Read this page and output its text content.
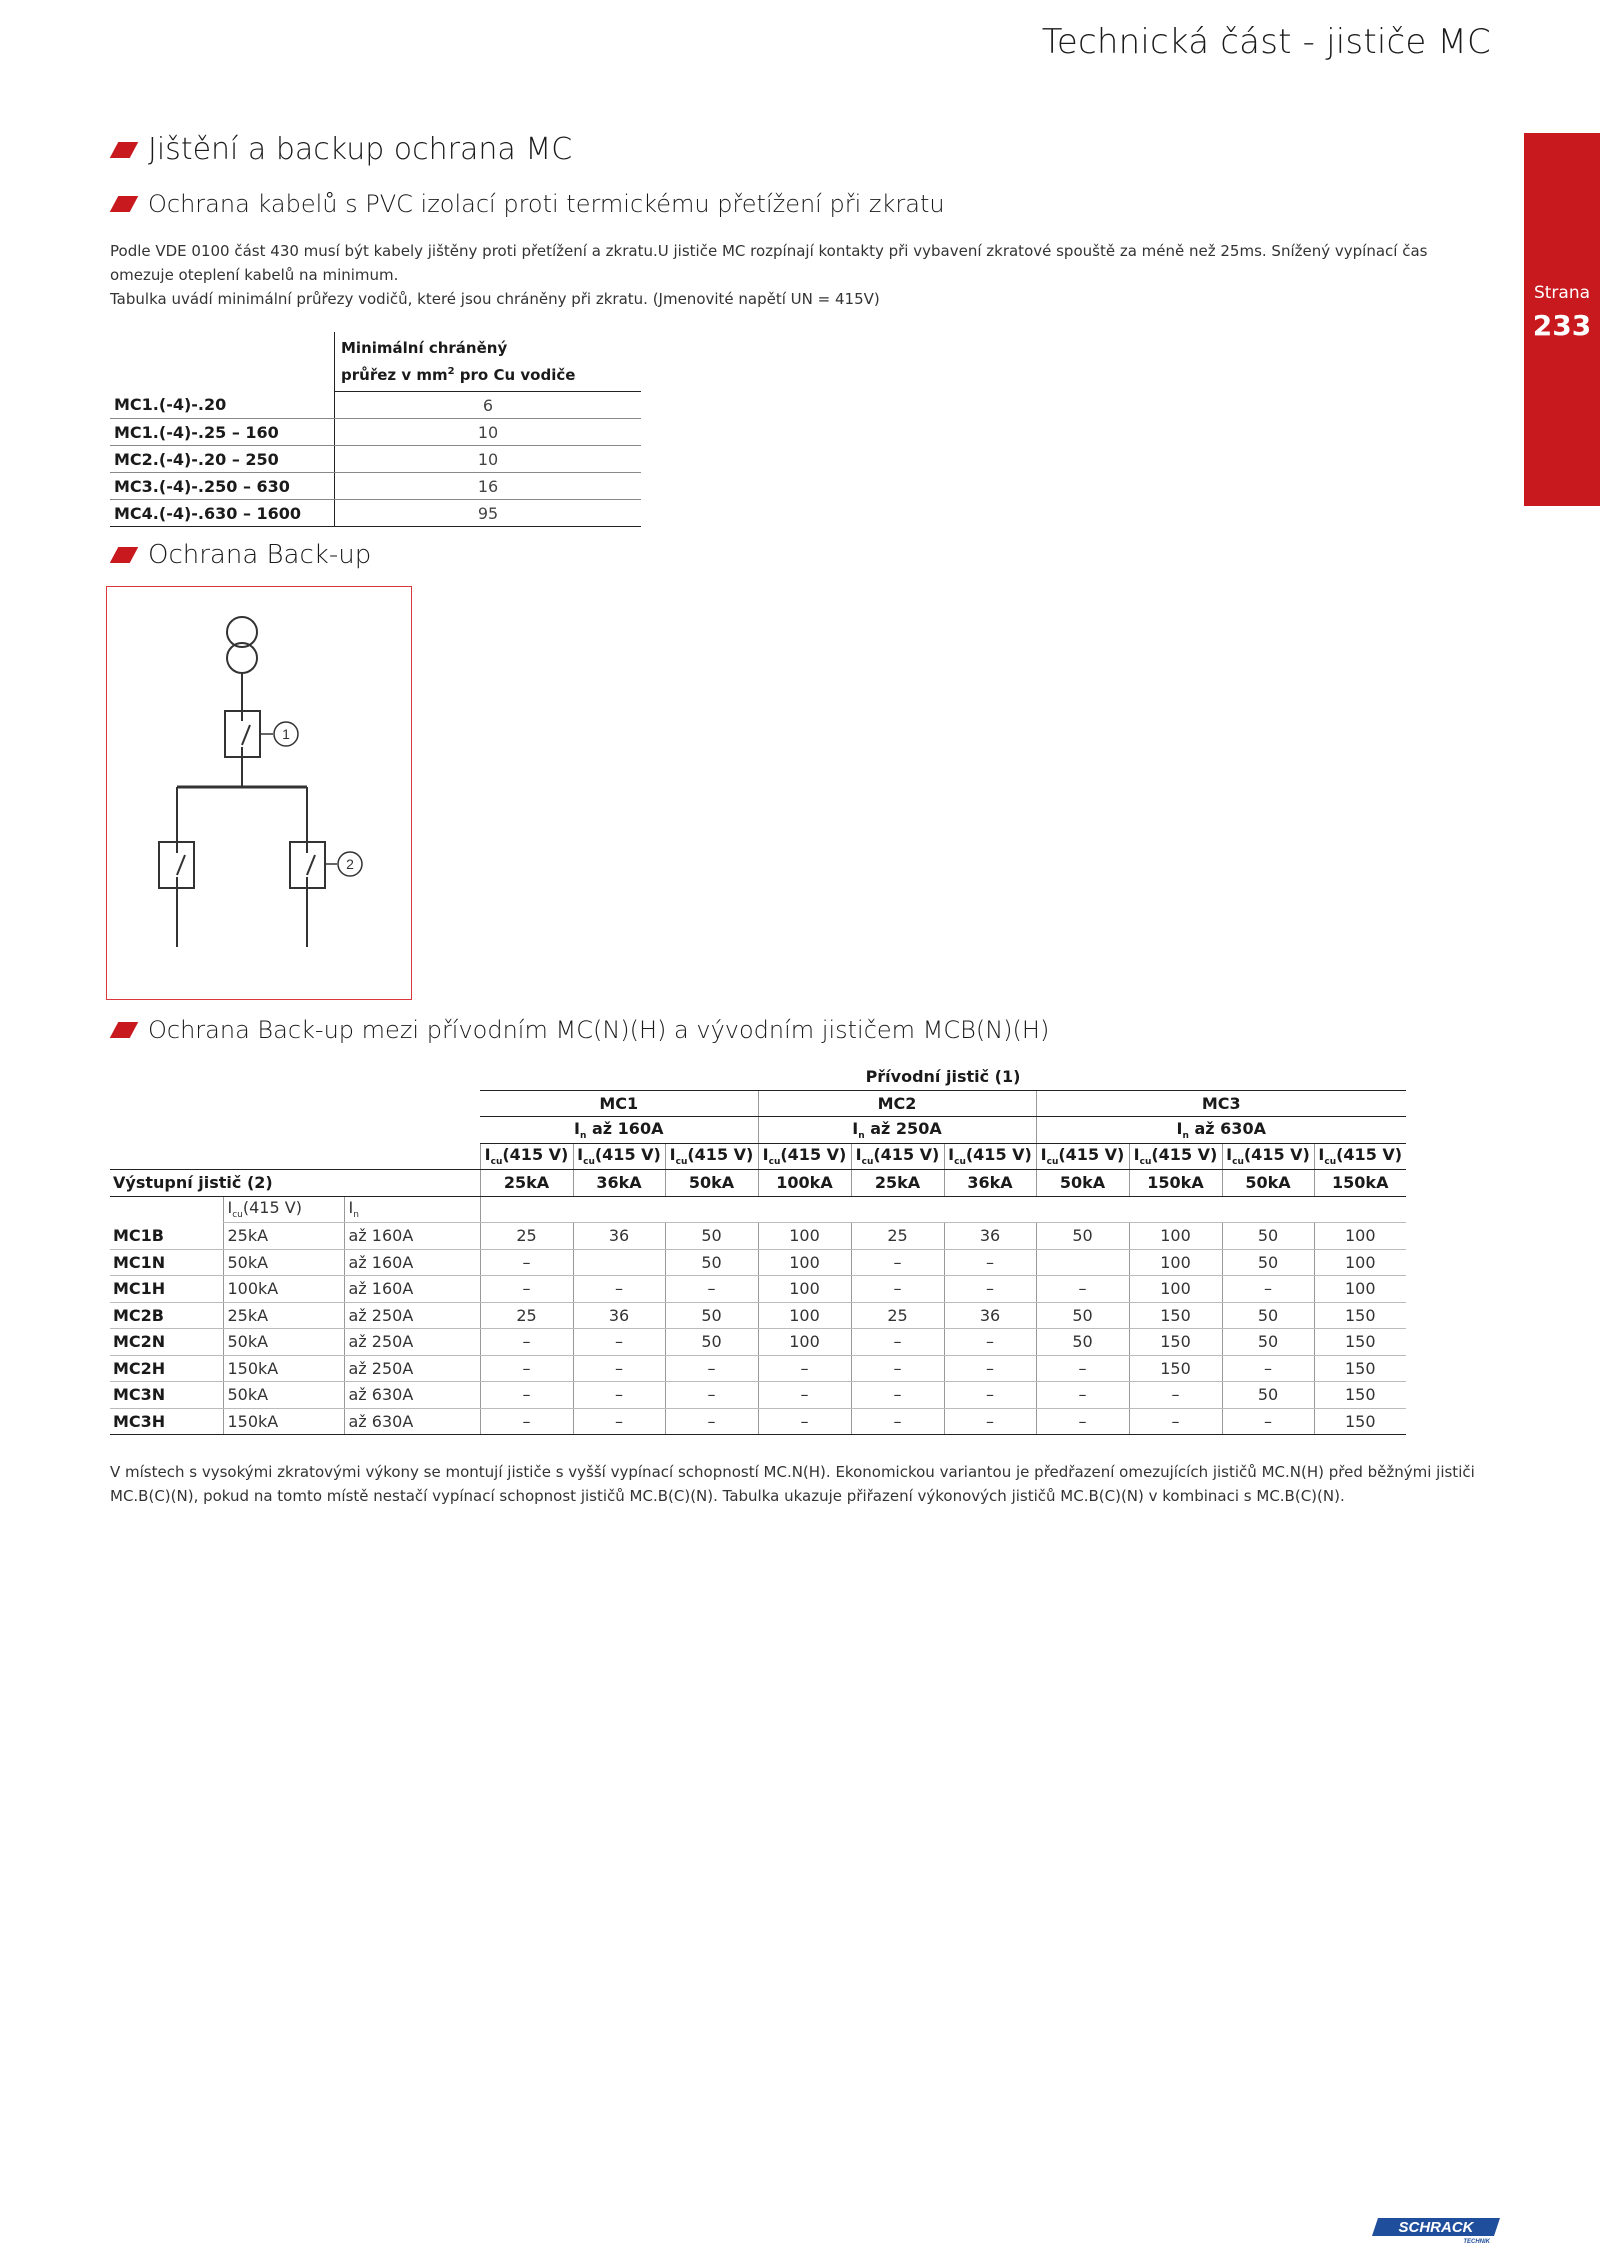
Technická část - jističe MC
Strana
233
Jištění a backup ochrana MC
Ochrana kabelů s PVC izolací proti termickému přetížení při zkratu
Podle VDE 0100 část 430 musí být kabely jištěny proti přetížení a zkratu.U jističe MC rozpínají kontakty při vybavení zkratové spouště za méně než 25ms. Snížený vypínací čas omezuje oteplení kabelů na minimum.
Tabulka uvádí minimální průřezy vodičů, které jsou chráněny při zkratu. (Jmenovité napětí UN = 415V)
	Minimální chráněný
průřez v $mm^2$ pro Cu vodiče
MC1.(-4)-.20	6
MC1.(-4)-.25 – 160	10
MC2.(-4)-.20 – 250	10
MC3.(-4)-.250 – 630	16
MC4.(-4)-.630 – 1600	95
Ochrana Back-up
1
2
Ochrana Back-up mezi přívodním MC(N)(H) a vývodním jističem MCB(N)(H)
			Přívodní jistič (1)									
			MC1			MC2			MC3			
			$I_n$ až 160A			$I_n$ až 250A			$I_n$ až 630A			
			$I_{cu}(415$ V)	$I_{cu}(415$ V)	$I_{cu}(415$ V)	$I_{cu}(415$ V)	$I_{cu}(415$ V)	$I_{cu}(415$ V)	$I_{cu}(415$ V)	$I_{cu}(415$ V)	$I_{cu}(415$ V)	$I_{cu}(415$ V)
Výstupní jistič (2)			25kA	36kA	50kA	100kA	25kA	36kA	50kA	150kA	50kA	150kA
	$I_{cu}(415$ V)	$I_n$	
MC1B	25kA	až 160A	25	36	50	100	25	36	50	100	50	100
MC1N	50kA	až 160A	–		50	100	–	–		100	50	100
MC1H	100kA	až 160A	–	–	–	100	–	–	–	100	–	100
MC2B	25kA	až 250A	25	36	50	100	25	36	50	150	50	150
MC2N	50kA	až 250A	–	–	50	100	–	–	50	150	50	150
MC2H	150kA	až 250A	–	–	–	–	–	–	–	150	–	150
MC3N	50kA	až 630A	–	–	–	–	–	–	–	–	50	150
MC3H	150kA	až 630A	–	–	–	–	–	–	–	–	–	150
V místech s vysokými zkratovými výkony se montují jističe s vyšší vypínací schopností MC.N(H). Ekonomickou variantou je předřazení omezujících jističů MC.N(H) před běžnými jističi MC.B(C)(N), pokud na tomto místě nestačí vypínací schopnost jističů MC.B(C)(N). Tabulka ukazuje přiřazení výkonových jističů MC.B(C)(N) v kombinaci s MC.B(C)(N).
SCHRACK
TECHNIK
